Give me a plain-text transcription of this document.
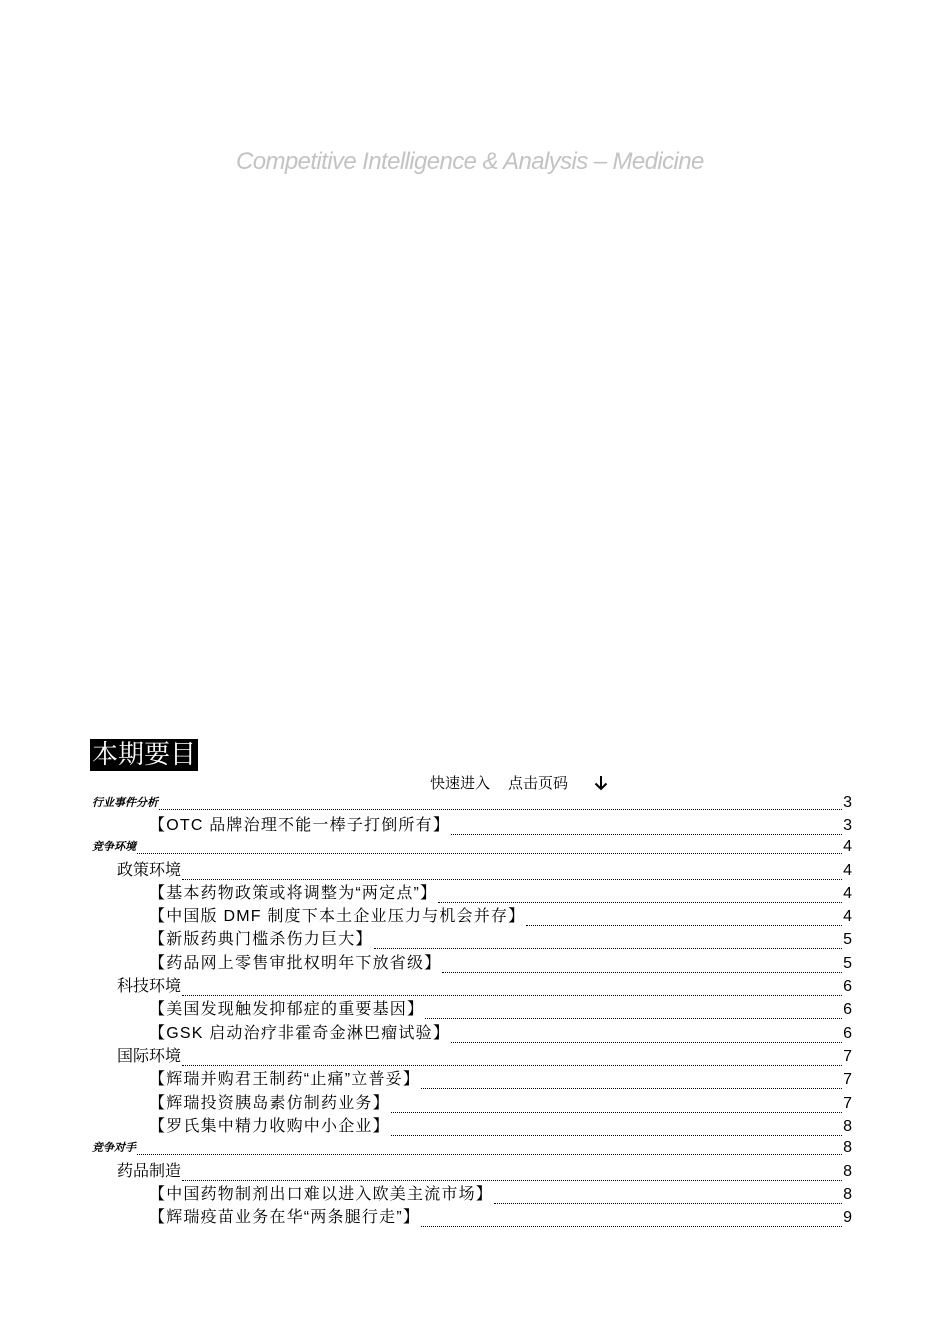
Competitive Intelligence & Analysis – Medicine
本期要目
快速进入 点击页码
行业事件分析	3
【OTC 品牌治理不能一棒子打倒所有】	3
竞争环境	4
政策环境	4
【基本药物政策或将调整为“两定点”】	4
【中国版 DMF 制度下本土企业压力与机会并存】	4
【新版药典门槛杀伤力巨大】	5
【药品网上零售审批权明年下放省级】	5
科技环境	6
【美国发现触发抑郁症的重要基因】	6
【GSK 启动治疗非霍奇金淋巴瘤试验】	6
国际环境	7
【辉瑞并购君王制药“止痛”立普妥】	7
【辉瑞投资胰岛素仿制药业务】	7
【罗氏集中精力收购中小企业】	8
竞争对手	8
药品制造	8
【中国药物制剂出口难以进入欧美主流市场】	8
【辉瑞疫苗业务在华“两条腿行走”】	9
